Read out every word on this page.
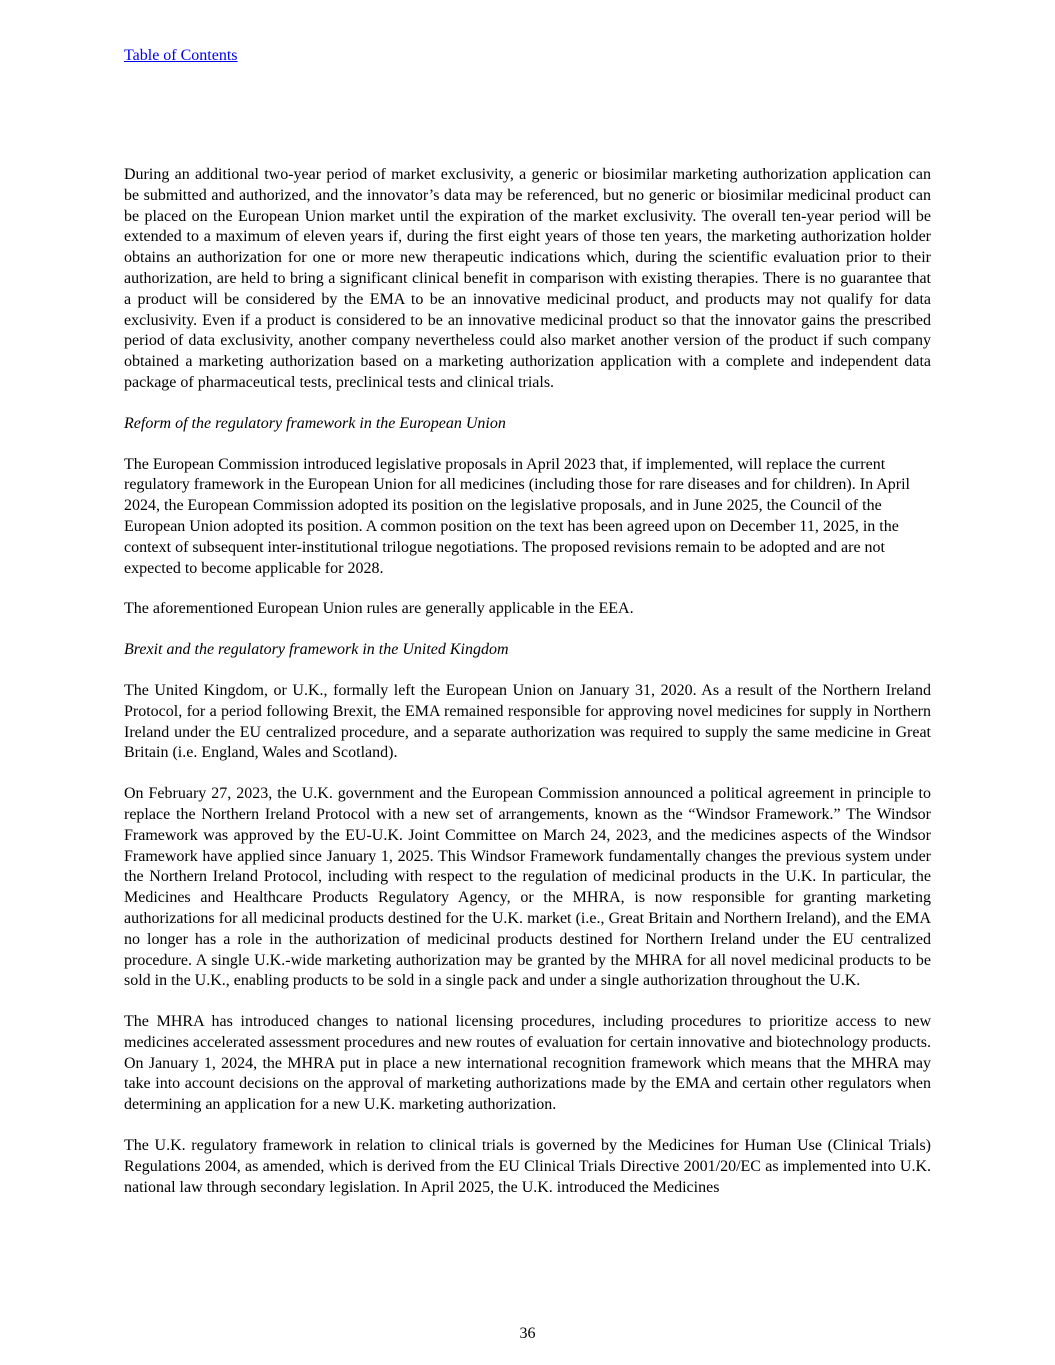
Table of Contents

During an additional two-year period of market exclusivity, a generic or biosimilar marketing authorization application can be submitted and authorized, and the innovator’s data may be referenced, but no generic or biosimilar medicinal product can be placed on the European Union market until the expiration of the market exclusivity. The overall ten-year period will be extended to a maximum of eleven years if, during the first eight years of those ten years, the marketing authorization holder obtains an authorization for one or more new therapeutic indications which, during the scientific evaluation prior to their authorization, are held to bring a significant clinical benefit in comparison with existing therapies. There is no guarantee that a product will be considered by the EMA to be an innovative medicinal product, and products may not qualify for data exclusivity. Even if a product is considered to be an innovative medicinal product so that the innovator gains the prescribed period of data exclusivity, another company nevertheless could also market another version of the product if such company obtained a marketing authorization based on a marketing authorization application with a complete and independent data package of pharmaceutical tests, preclinical tests and clinical trials.

Reform of the regulatory framework in the European Union

The European Commission introduced legislative proposals in April 2023 that, if implemented, will replace the current regulatory framework in the European Union for all medicines (including those for rare diseases and for children). In April 2024, the European Commission adopted its position on the legislative proposals, and in June 2025, the Council of the European Union adopted its position. A common position on the text has been agreed upon on December 11, 2025, in the context of subsequent inter-institutional trilogue negotiations. The proposed revisions remain to be adopted and are not expected to become applicable for 2028.

The aforementioned European Union rules are generally applicable in the EEA.

Brexit and the regulatory framework in the United Kingdom

The United Kingdom, or U.K., formally left the European Union on January 31, 2020. As a result of the Northern Ireland Protocol, for a period following Brexit, the EMA remained responsible for approving novel medicines for supply in Northern Ireland under the EU centralized procedure, and a separate authorization was required to supply the same medicine in Great Britain (i.e. England, Wales and Scotland).

On February 27, 2023, the U.K. government and the European Commission announced a political agreement in principle to replace the Northern Ireland Protocol with a new set of arrangements, known as the “Windsor Framework.” The Windsor Framework was approved by the EU-U.K. Joint Committee on March 24, 2023, and the medicines aspects of the Windsor Framework have applied since January 1, 2025. This Windsor Framework fundamentally changes the previous system under the Northern Ireland Protocol, including with respect to the regulation of medicinal products in the U.K. In particular, the Medicines and Healthcare Products Regulatory Agency, or the MHRA, is now responsible for granting marketing authorizations for all medicinal products destined for the U.K. market (i.e., Great Britain and Northern Ireland), and the EMA no longer has a role in the authorization of medicinal products destined for Northern Ireland under the EU centralized procedure. A single U.K.-wide marketing authorization may be granted by the MHRA for all novel medicinal products to be sold in the U.K., enabling products to be sold in a single pack and under a single authorization throughout the U.K.

The MHRA has introduced changes to national licensing procedures, including procedures to prioritize access to new medicines accelerated assessment procedures and new routes of evaluation for certain innovative and biotechnology products. On January 1, 2024, the MHRA put in place a new international recognition framework which means that the MHRA may take into account decisions on the approval of marketing authorizations made by the EMA and certain other regulators when determining an application for a new U.K. marketing authorization.

The U.K. regulatory framework in relation to clinical trials is governed by the Medicines for Human Use (Clinical Trials) Regulations 2004, as amended, which is derived from the EU Clinical Trials Directive 2001/20/EC as implemented into U.K. national law through secondary legislation. In April 2025, the U.K. introduced the Medicines

36
